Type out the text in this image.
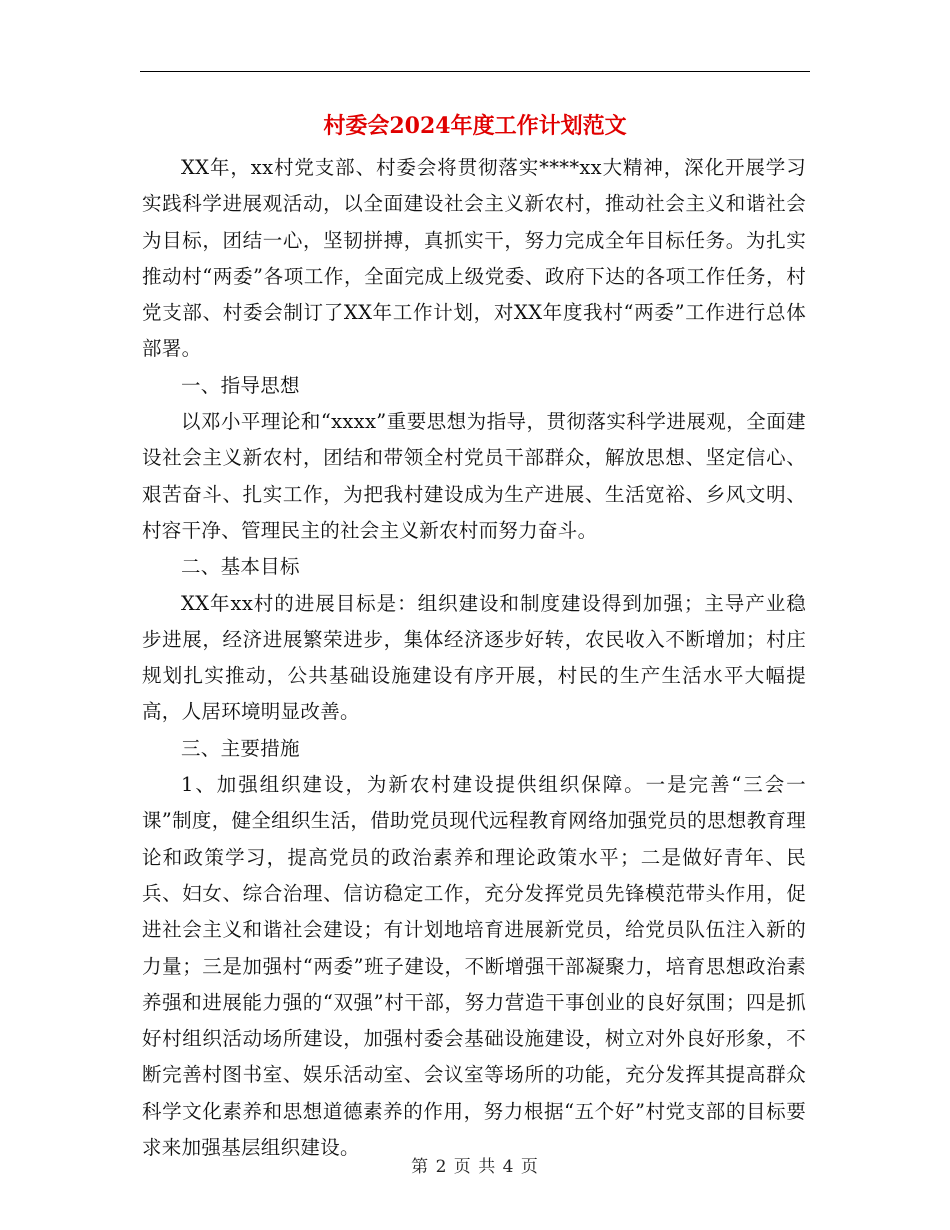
村委会2024年度工作计划范文

XX年，xx村党支部、村委会将贯彻落实****xx大精神，深化开展学习实践科学进展观活动，以全面建设社会主义新农村，推动社会主义和谐社会为目标，团结一心，坚韧拼搏，真抓实干，努力完成全年目标任务。为扎实推动村“两委”各项工作，全面完成上级党委、政府下达的各项工作任务，村党支部、村委会制订了XX年工作计划，对XX年度我村“两委”工作进行总体部署。

一、指导思想

以邓小平理论和“xxxx”重要思想为指导，贯彻落实科学进展观，全面建设社会主义新农村，团结和带领全村党员干部群众，解放思想、坚定信心、艰苦奋斗、扎实工作，为把我村建设成为生产进展、生活宽裕、乡风文明、村容干净、管理民主的社会主义新农村而努力奋斗。

二、基本目标

XX年xx村的进展目标是：组织建设和制度建设得到加强；主导产业稳步进展，经济进展繁荣进步，集体经济逐步好转，农民收入不断增加；村庄规划扎实推动，公共基础设施建设有序开展，村民的生产生活水平大幅提高，人居环境明显改善。

三、主要措施

1、加强组织建设，为新农村建设提供组织保障。一是完善“三会一课”制度，健全组织生活，借助党员现代远程教育网络加强党员的思想教育理论和政策学习，提高党员的政治素养和理论政策水平；二是做好青年、民兵、妇女、综合治理、信访稳定工作，充分发挥党员先锋模范带头作用，促进社会主义和谐社会建设；有计划地培育进展新党员，给党员队伍注入新的力量；三是加强村“两委”班子建设，不断增强干部凝聚力，培育思想政治素养强和进展能力强的“双强”村干部，努力营造干事创业的良好氛围；四是抓好村组织活动场所建设，加强村委会基础设施建设，树立对外良好形象，不断完善村图书室、娱乐活动室、会议室等场所的功能，充分发挥其提高群众科学文化素养和思想道德素养的作用，努力根据“五个好”村党支部的目标要求来加强基层组织建设。

第 2 页 共 4 页
